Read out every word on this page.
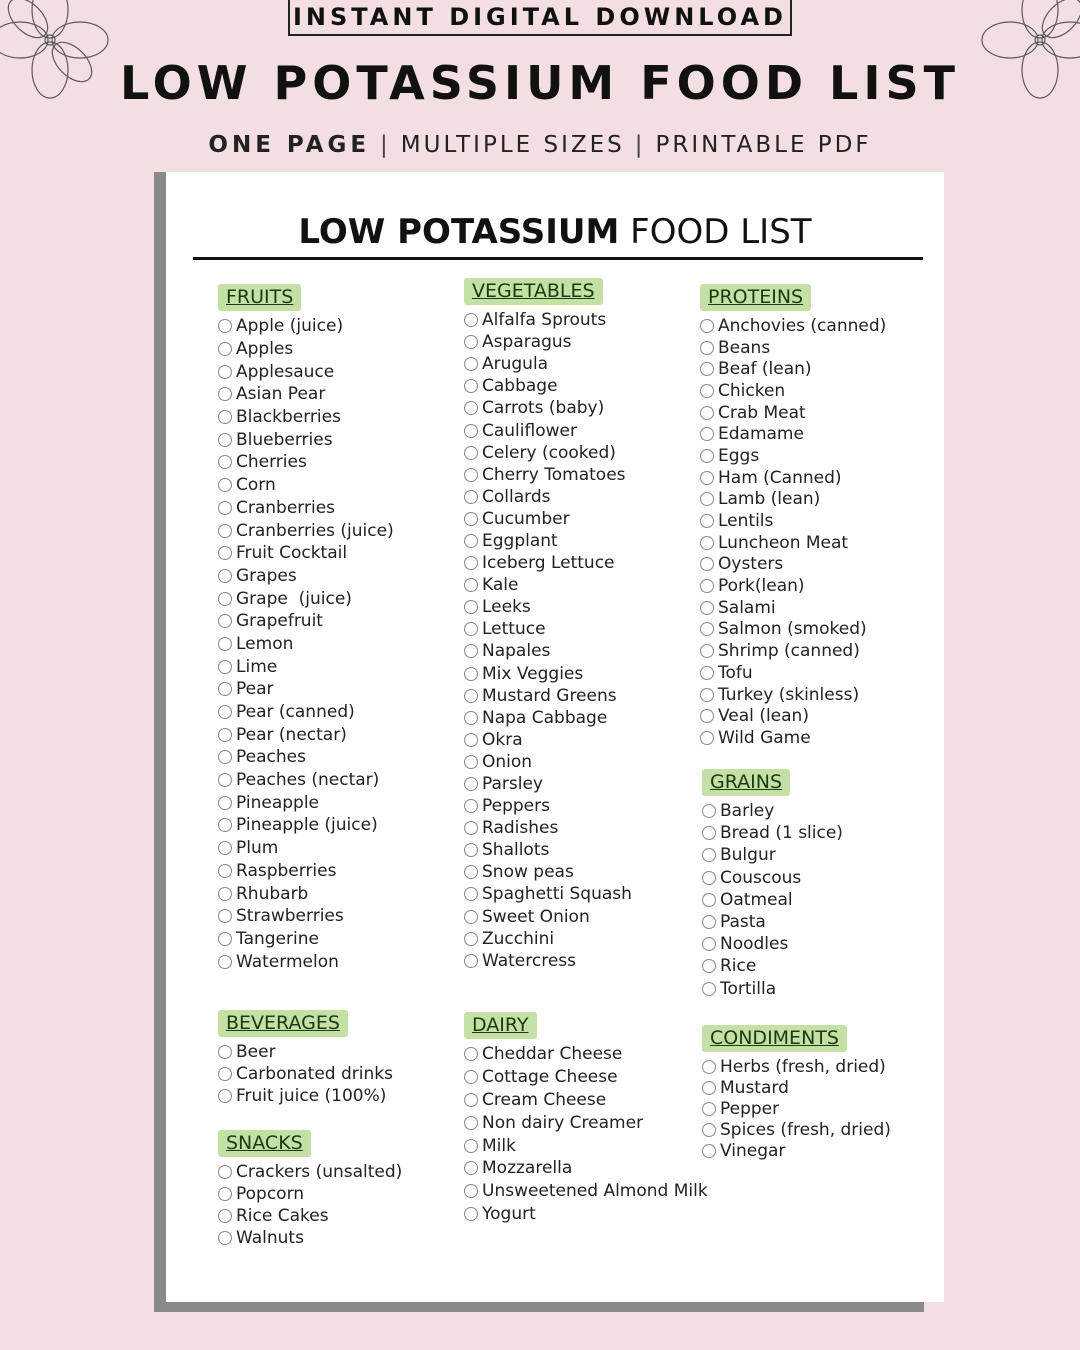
INSTANT DIGITAL DOWNLOAD
LOW POTASSIUM FOOD LIST
ONE PAGE | MULTIPLE SIZES | PRINTABLE PDF
LOW POTASSIUM FOOD LIST
FRUITS
Apple (juice)
Apples
Applesauce
Asian Pear
Blackberries
Blueberries
Cherries
Corn
Cranberries
Cranberries (juice)
Fruit Cocktail
Grapes
Grape  (juice)
Grapefruit
Lemon
Lime
Pear
Pear (canned)
Pear (nectar)
Peaches
Peaches (nectar)
Pineapple
Pineapple (juice)
Plum
Raspberries
Rhubarb
Strawberries
Tangerine
Watermelon
BEVERAGES
Beer
Carbonated drinks
Fruit juice (100%)
SNACKS
Crackers (unsalted)
Popcorn
Rice Cakes
Walnuts
VEGETABLES
Alfalfa Sprouts
Asparagus
Arugula
Cabbage
Carrots (baby)
Cauliflower
Celery (cooked)
Cherry Tomatoes
Collards
Cucumber
Eggplant
Iceberg Lettuce
Kale
Leeks
Lettuce
Napales
Mix Veggies
Mustard Greens
Napa Cabbage
Okra
Onion
Parsley
Peppers
Radishes
Shallots
Snow peas
Spaghetti Squash
Sweet Onion
Zucchini
Watercress
DAIRY
Cheddar Cheese
Cottage Cheese
Cream Cheese
Non dairy Creamer
Milk
Mozzarella
Unsweetened Almond Milk
Yogurt
PROTEINS
Anchovies (canned)
Beans
Beaf (lean)
Chicken
Crab Meat
Edamame
Eggs
Ham (Canned)
Lamb (lean)
Lentils
Luncheon Meat
Oysters
Pork(lean)
Salami
Salmon (smoked)
Shrimp (canned)
Tofu
Turkey (skinless)
Veal (lean)
Wild Game
GRAINS
Barley
Bread (1 slice)
Bulgur
Couscous
Oatmeal
Pasta
Noodles
Rice
Tortilla
CONDIMENTS
Herbs (fresh, dried)
Mustard
Pepper
Spices (fresh, dried)
Vinegar
